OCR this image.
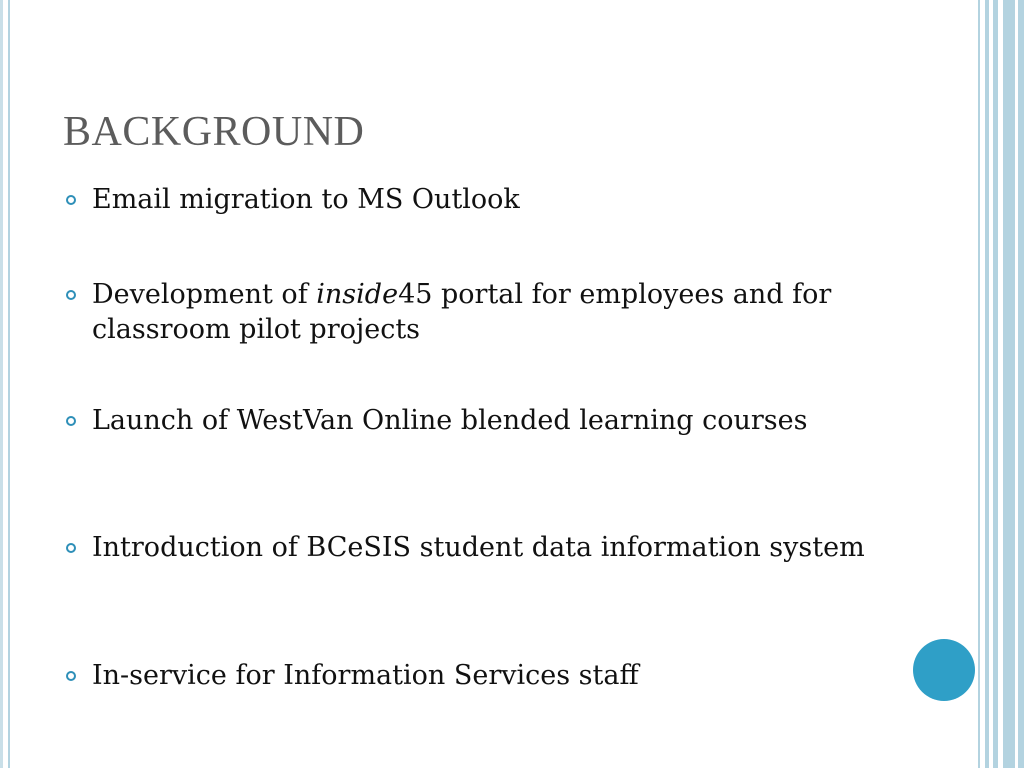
BACKGROUND
Email migration to MS Outlook
Development of inside45 portal for employees and for classroom pilot projects
Launch of WestVan Online blended learning courses
Introduction of BCeSIS student data information system
In-service for Information Services staff
